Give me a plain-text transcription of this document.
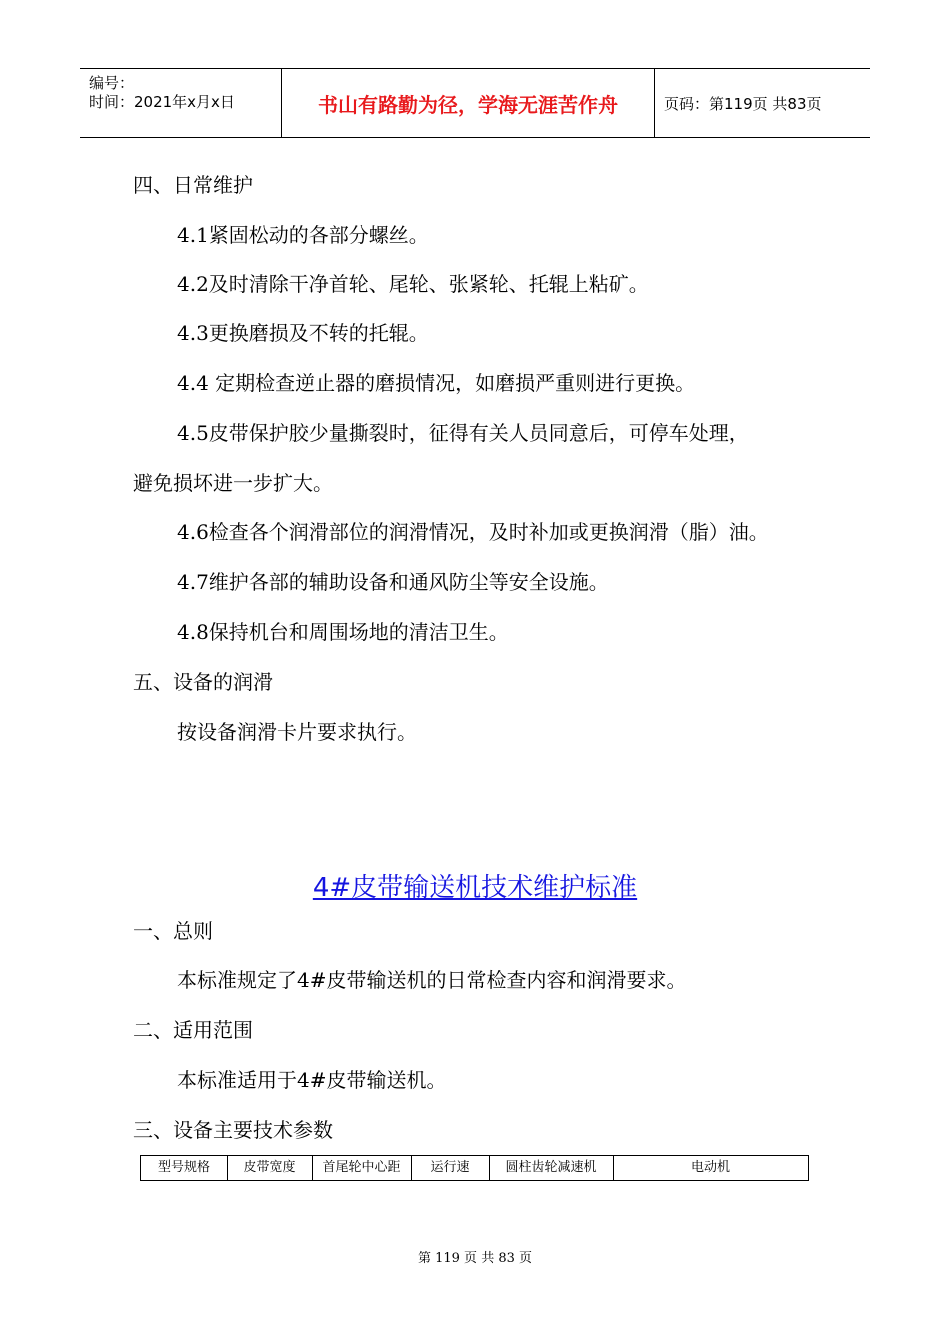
编号：
时间：2021年x月x日	书山有路勤为径，学海无涯苦作舟	页码：第119页 共83页
四、日常维护
4.1紧固松动的各部分螺丝。
4.2及时清除干净首轮、尾轮、张紧轮、托辊上粘矿。
4.3更换磨损及不转的托辊。
4.4 定期检查逆止器的磨损情况，如磨损严重则进行更换。
4.5皮带保护胶少量撕裂时，征得有关人员同意后，可停车处理，
避免损坏进一步扩大。
4.6检查各个润滑部位的润滑情况，及时补加或更换润滑（脂）油。
4.7维护各部的辅助设备和通风防尘等安全设施。
4.8保持机台和周围场地的清洁卫生。
五、设备的润滑
按设备润滑卡片要求执行。
4#皮带输送机技术维护标准
一、总则
本标准规定了4#皮带输送机的日常检查内容和润滑要求。
二、适用范围
本标准适用于4#皮带输送机。
三、设备主要技术参数
型号规格	皮带宽度	首尾轮中心距	运行速	圆柱齿轮减速机	电动机
第 119 页 共 83 页
